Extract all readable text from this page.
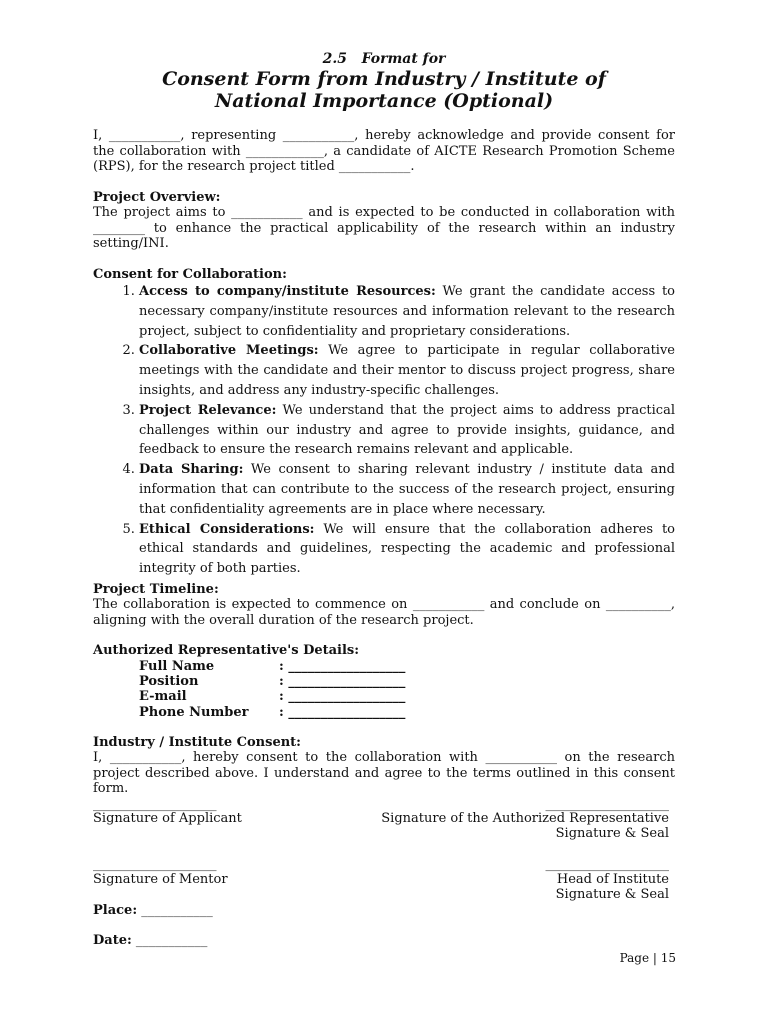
2.5 Format for
Consent Form from Industry / Institute of
National Importance (Optional)

I, ___________, representing ___________, hereby acknowledge and provide consent for the collaboration with ____________, a candidate of AICTE Research Promotion Scheme (RPS), for the research project titled ___________.

Project Overview:

The project aims to ___________ and is expected to be conducted in collaboration with ________ to enhance the practical applicability of the research within an industry setting/INI.

Consent for Collaboration:
1. Access to company/institute Resources: We grant the candidate access to necessary company/institute resources and information relevant to the research project, subject to confidentiality and proprietary considerations.
2. Collaborative Meetings: We agree to participate in regular collaborative meetings with the candidate and their mentor to discuss project progress, share insights, and address any industry-specific challenges.
3. Project Relevance: We understand that the project aims to address practical challenges within our industry and agree to provide insights, guidance, and feedback to ensure the research remains relevant and applicable.
4. Data Sharing: We consent to sharing relevant industry / institute data and information that can contribute to the success of the research project, ensuring that confidentiality agreements are in place where necessary.
5. Ethical Considerations: We will ensure that the collaboration adheres to ethical standards and guidelines, respecting the academic and professional integrity of both parties.
Project Timeline:

The collaboration is expected to commence on ___________ and conclude on __________, aligning with the overall duration of the research project.

Authorized Representative's Details:
Full Name	: __________________
Position	: __________________
E-mail	: __________________
Phone Number	: __________________
Industry / Institute Consent:

I, ___________, hereby consent to the collaboration with ___________ on the research project described above. I understand and agree to the terms outlined in this consent form.

___________________
Signature of Applicant
___________________
Signature of the Authorized Representative
Signature & Seal
___________________
Signature of Mentor
___________________
Head of Institute
Signature & Seal
Place: ___________
Date: ___________
Page | 15
